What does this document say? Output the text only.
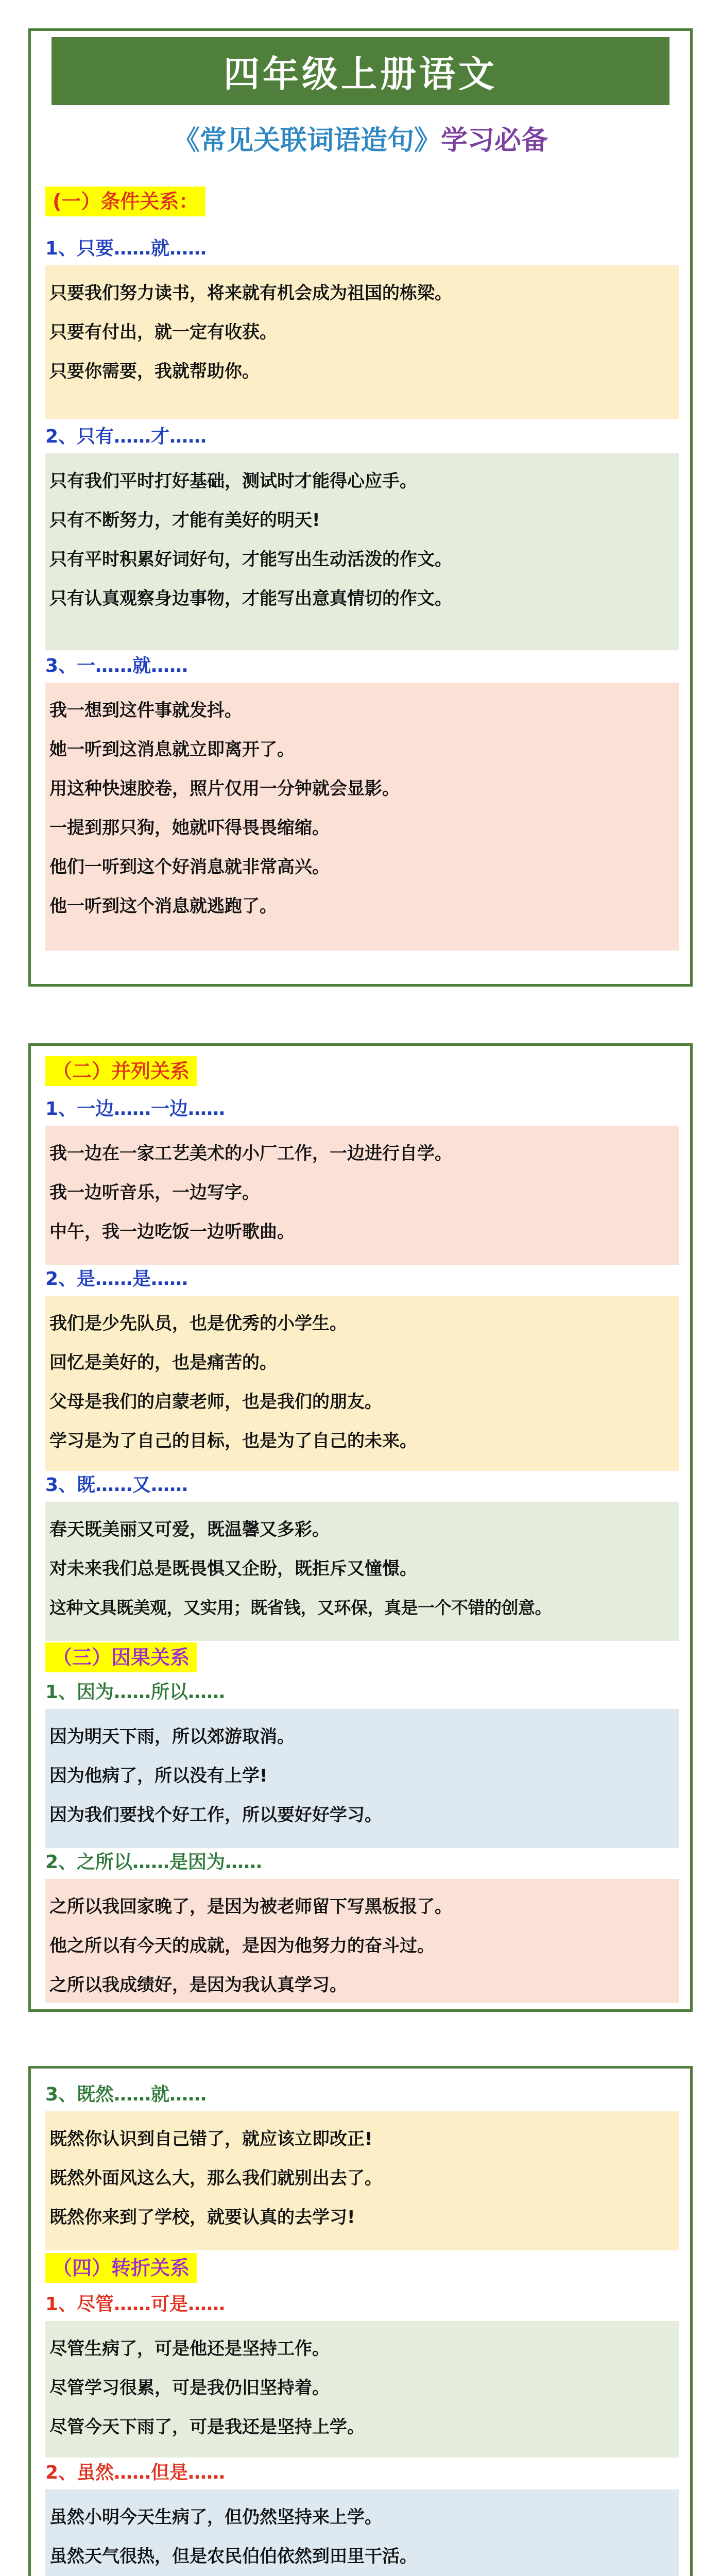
四年级上册语文
《常见关联词语造句》学习必备
(一）条件关系：
1、只要……就……
只要我们努力读书，将来就有机会成为祖国的栋梁。
只要有付出，就一定有收获。
只要你需要，我就帮助你。
2、只有……才……
只有我们平时打好基础，测试时才能得心应手。
只有不断努力，才能有美好的明天!
只有平时积累好词好句，才能写出生动活泼的作文。
只有认真观察身边事物，才能写出意真情切的作文。
3、一……就……
我一想到这件事就发抖。
她一听到这消息就立即离开了。
用这种快速胶卷，照片仅用一分钟就会显影。
一提到那只狗，她就吓得畏畏缩缩。
他们一听到这个好消息就非常高兴。
他一听到这个消息就逃跑了。
（二）并列关系
1、一边……一边……
我一边在一家工艺美术的小厂工作，一边进行自学。
我一边听音乐，一边写字。
中午，我一边吃饭一边听歌曲。
2、是……是……
我们是少先队员，也是优秀的小学生。
回忆是美好的，也是痛苦的。
父母是我们的启蒙老师，也是我们的朋友。
学习是为了自己的目标，也是为了自己的未来。
3、既……又……
春天既美丽又可爱，既温馨又多彩。
对未来我们总是既畏惧又企盼，既拒斥又憧憬。
这种文具既美观，又实用；既省钱，又环保，真是一个不错的创意。
（三）因果关系
1、因为……所以……
因为明天下雨，所以郊游取消。
因为他病了，所以没有上学!
因为我们要找个好工作，所以要好好学习。
2、之所以……是因为……
之所以我回家晚了，是因为被老师留下写黑板报了。
他之所以有今天的成就，是因为他努力的奋斗过。
之所以我成绩好，是因为我认真学习。
3、既然……就……
既然你认识到自己错了，就应该立即改正!
既然外面风这么大，那么我们就别出去了。
既然你来到了学校，就要认真的去学习!
（四）转折关系
1、尽管……可是……
尽管生病了，可是他还是坚持工作。
尽管学习很累，可是我仍旧坚持着。
尽管今天下雨了，可是我还是坚持上学。
2、虽然……但是……
虽然小明今天生病了，但仍然坚持来上学。
虽然天气很热，但是农民伯伯依然到田里干活。
